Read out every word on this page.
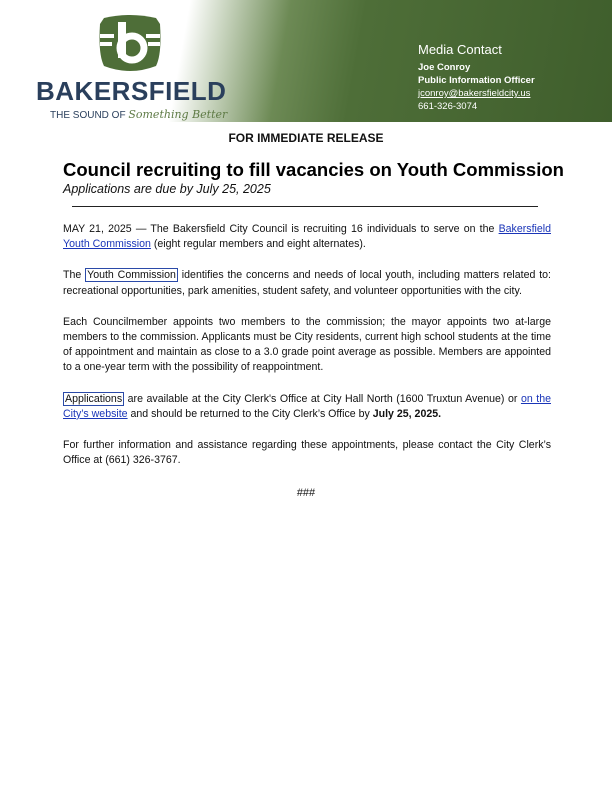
BAKERSFIELD
THE SOUND OF Something Better
Media Contact
Joe Conroy
Public Information Officer
jconroy@bakersfieldcity.us
661-326-3074
FOR IMMEDIATE RELEASE
Council recruiting to fill vacancies on Youth Commission
Applications are due by July 25, 2025

MAY 21, 2025 — The Bakersfield City Council is recruiting 16 individuals to serve on the Bakersfield Youth Commission (eight regular members and eight alternates).

The Youth Commission identifies the concerns and needs of local youth, including matters related to: recreational opportunities, park amenities, student safety, and volunteer opportunities with the city.

Each Councilmember appoints two members to the commission; the mayor appoints two at-large members to the commission. Applicants must be City residents, current high school students at the time of appointment and maintain as close to a 3.0 grade point average as possible. Members are appointed to a one-year term with the possibility of reappointment.

Applications are available at the City Clerk's Office at City Hall North (1600 Truxtun Avenue) or on the City’s website and should be returned to the City Clerk’s Office by July 25, 2025.

For further information and assistance regarding these appointments, please contact the City Clerk’s Office at (661) 326-3767.

###
